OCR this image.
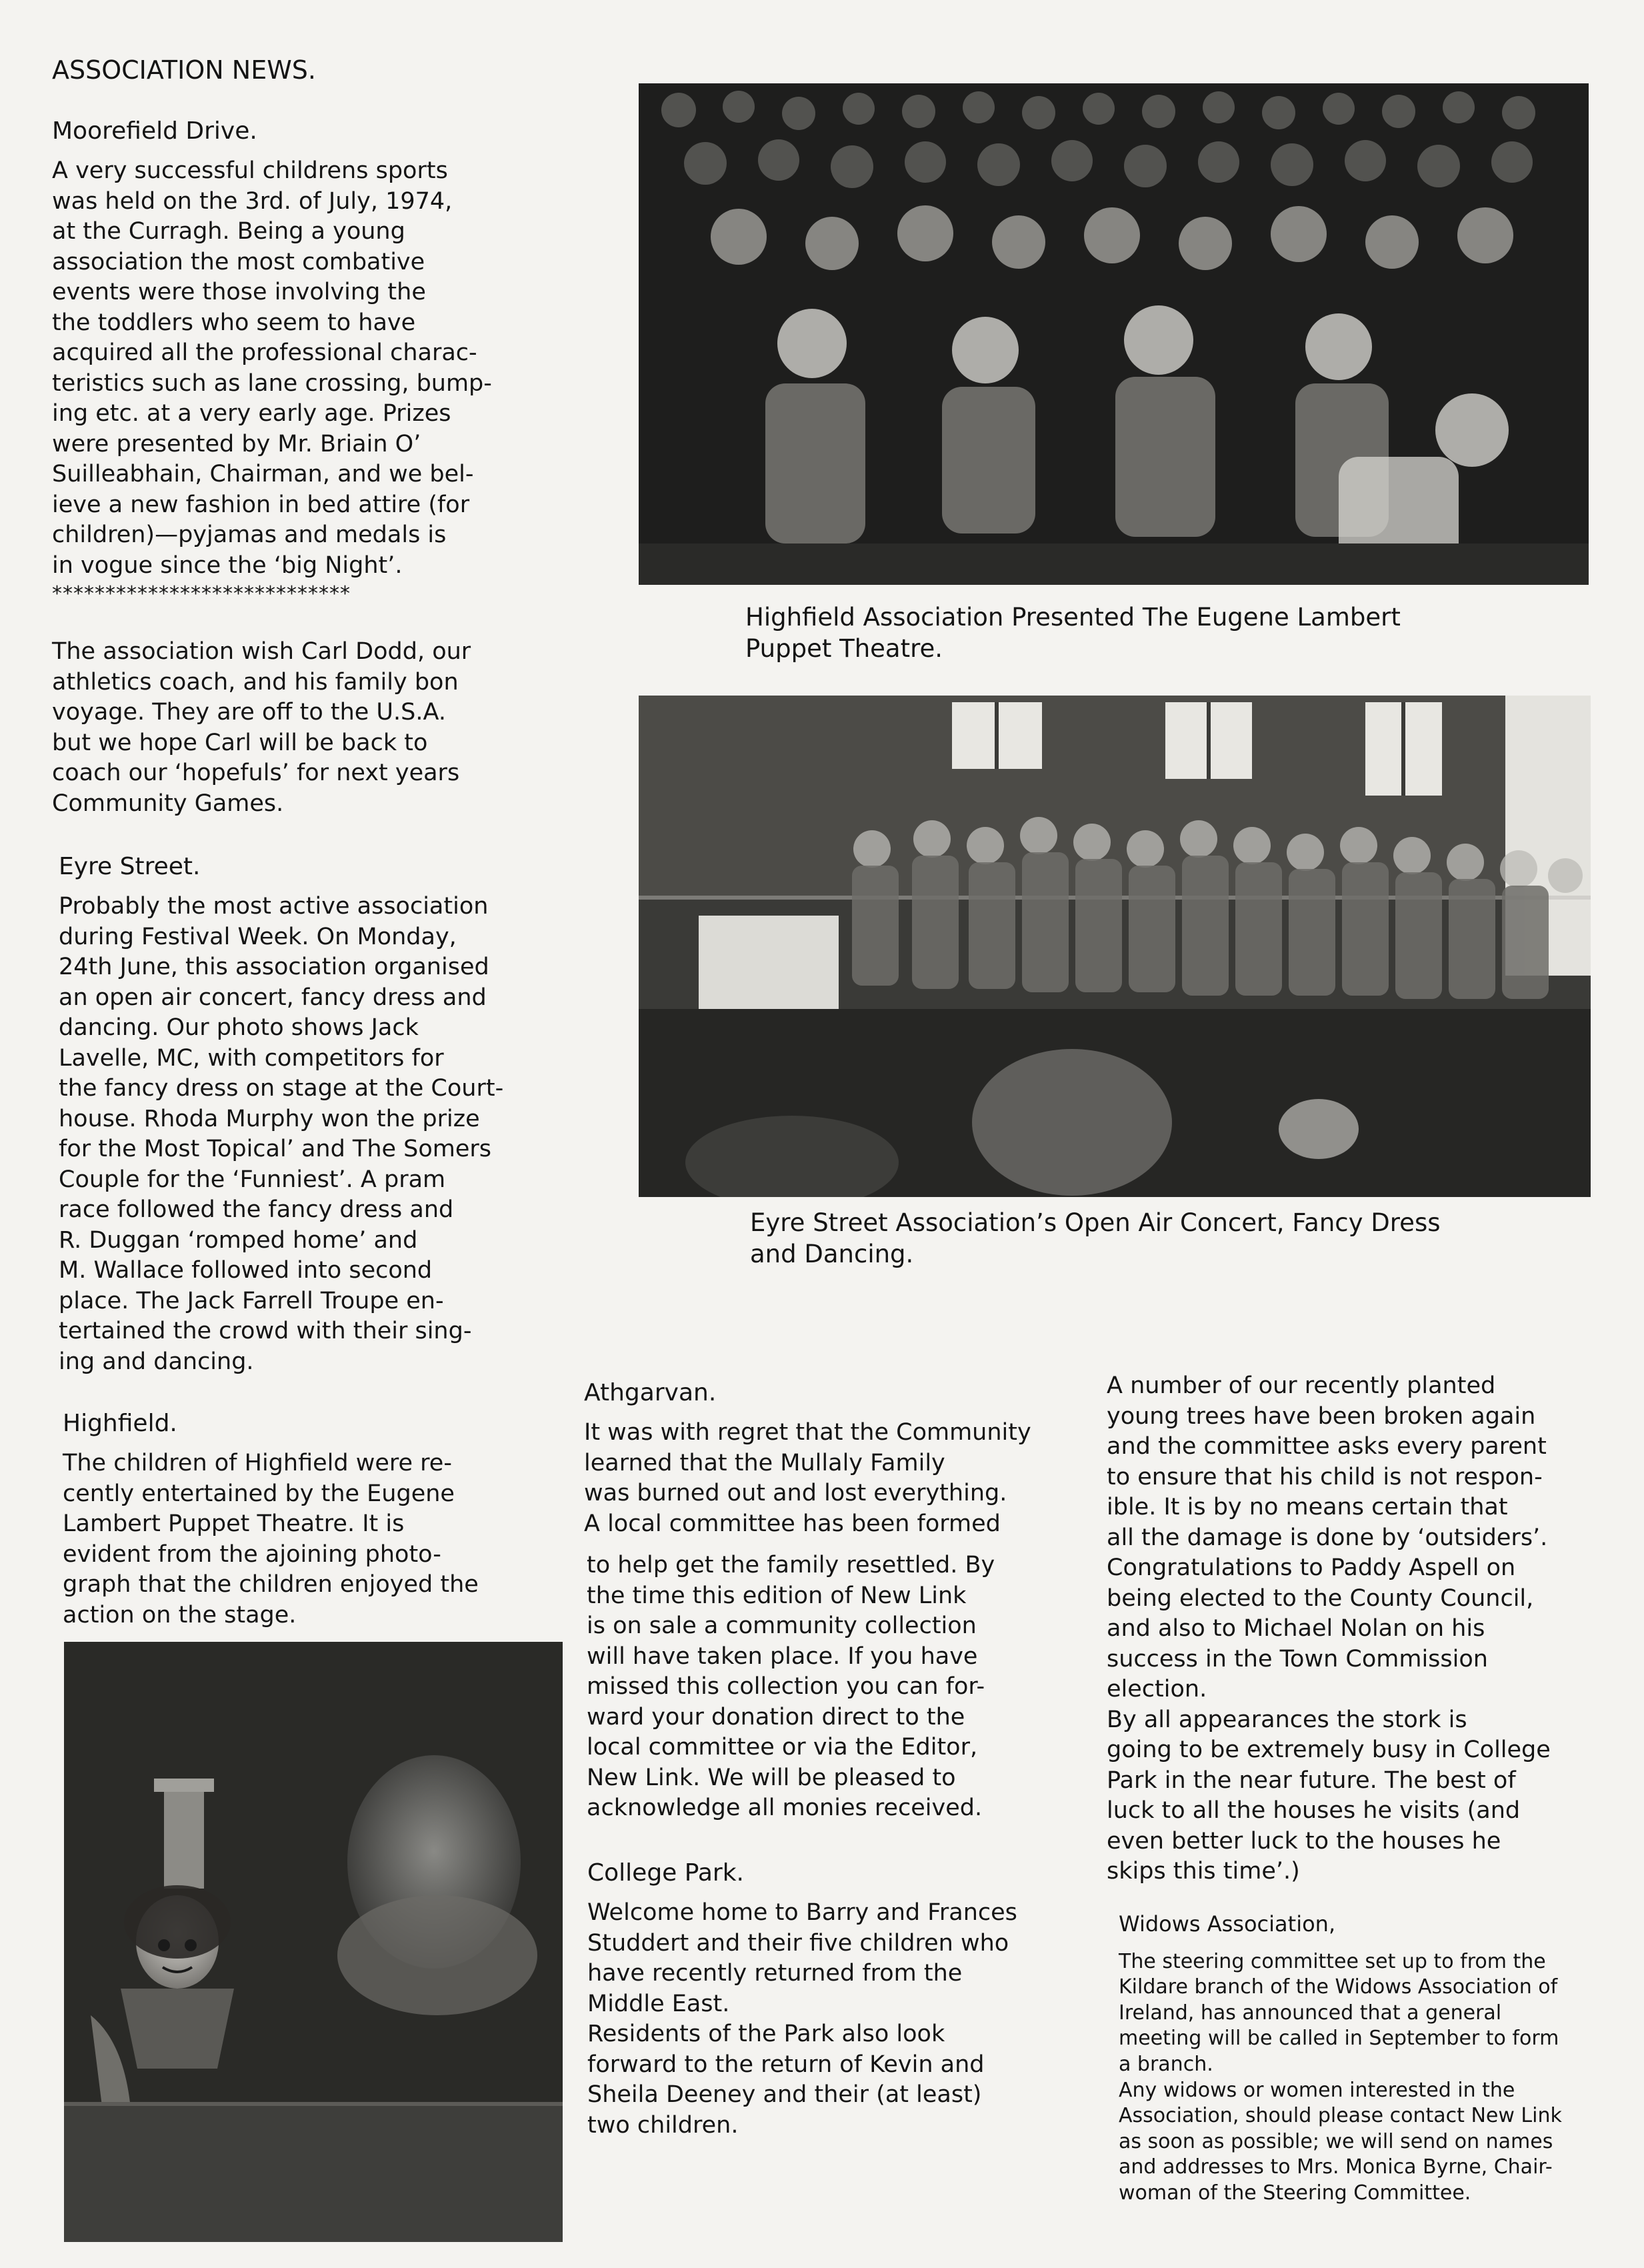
ASSOCIATION NEWS.

Moorefield Drive.

A very successful childrens sports
was held on the 3rd. of July, 1974,
at the Curragh. Being a young
association the most combative
events were those involving the
the toddlers who seem to have
acquired all the professional charac-
teristics such as lane crossing, bump-
ing etc. at a very early age. Prizes
were presented by Mr. Briain O’
Suilleabhain, Chairman, and we bel-
ieve a new fashion in bed attire (for
children)—pyjamas and medals is
in vogue since the ‘big Night’.

****************************

The association wish Carl Dodd, our
athletics coach, and his family bon
voyage. They are off to the U.S.A.
but we hope Carl will be back to
coach our ‘hopefuls’ for next years
Community Games.

Eyre Street.

Probably the most active association
during Festival Week. On Monday,
24th June, this association organised
an open air concert, fancy dress and
dancing. Our photo shows Jack
Lavelle, MC, with competitors for
the fancy dress on stage at the Court-
house. Rhoda Murphy won the prize
for the Most Topical’ and The Somers
Couple for the ‘Funniest’. A pram
race followed the fancy dress and
R. Duggan ‘romped home’ and
M. Wallace followed into second
place. The Jack Farrell Troupe en-
tertained the crowd with their sing-
ing and dancing.

Highfield.

The children of Highfield were re-
cently entertained by the Eugene
Lambert Puppet Theatre. It is
evident from the ajoining photo-
graph that the children enjoyed the
action on the stage.

Highfield Association Presented The Eugene Lambert
Puppet Theatre.
Eyre Street Association’s Open Air Concert, Fancy Dress
and Dancing.

Athgarvan.

It was with regret that the Community
learned that the Mullaly Family
was burned out and lost everything.
A local committee has been formed

to help get the family resettled. By
the time this edition of New Link
is on sale a community collection
will have taken place. If you have
missed this collection you can for-
ward your donation direct to the
local committee or via the Editor,
New Link. We will be pleased to
acknowledge all monies received.

College Park.

Welcome home to Barry and Frances
Studdert and their five children who
have recently returned from the
Middle East.
Residents of the Park also look
forward to the return of Kevin and
Sheila Deeney and their (at least)
two children.

A number of our recently planted
young trees have been broken again
and the committee asks every parent
to ensure that his child is not respon-
ible. It is by no means certain that
all the damage is done by ‘outsiders’.
Congratulations to Paddy Aspell on
being elected to the County Council,
and also to Michael Nolan on his
success in the Town Commission
election.
By all appearances the stork is
going to be extremely busy in College
Park in the near future. The best of
luck to all the houses he visits (and
even better luck to the houses he
skips this time’.)

Widows Association,

The steering committee set up to from the
Kildare branch of the Widows Association of
Ireland, has announced that a general
meeting will be called in September to form
a branch.
Any widows or women interested in the
Association, should please contact New Link
as soon as possible; we will send on names
and addresses to Mrs. Monica Byrne, Chair-
woman of the Steering Committee.
